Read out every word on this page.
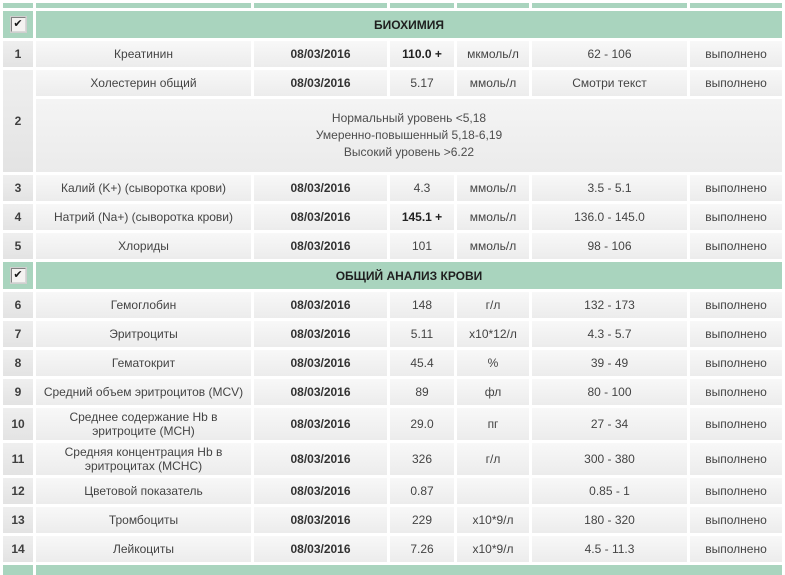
✔	БИОХИМИЯ					
1	Креатинин	08/03/2016	110.0 +	мкмоль/л	62 - 106	выполнено
2	Холестерин общий	08/03/2016	5.17	ммоль/л	Смотри текст	выполнено

	Нормальный уровень <5,18
Умеренно-повышенный 5,18-6,19
Высокий уровень >6.22					

3	Калий (K+) (сыворотка крови)	08/03/2016	4.3	ммоль/л	3.5 - 5.1	выполнено
4	Натрий (Na+) (сыворотка крови)	08/03/2016	145.1 +	ммоль/л	136.0 - 145.0	выполнено
5	Хлориды	08/03/2016	101	ммоль/л	98 - 106	выполнено
✔	ОБЩИЙ АНАЛИЗ КРОВИ					
6	Гемоглобин	08/03/2016	148	г/л	132 - 173	выполнено
7	Эритроциты	08/03/2016	5.11	х10*12/л	4.3 - 5.7	выполнено
8	Гематокрит	08/03/2016	45.4	%	39 - 49	выполнено
9	Средний объем эритроцитов (MCV)	08/03/2016	89	фл	80 - 100	выполнено
10	Среднее содержание Hb в эритроците (MCH)	08/03/2016	29.0	пг	27 - 34	выполнено
11	Средняя концентрация Hb в эритроцитах (MCHC)	08/03/2016	326	г/л	300 - 380	выполнено
12	Цветовой показатель	08/03/2016	0.87		0.85 - 1	выполнено
13	Тромбоциты	08/03/2016	229	х10*9/л	180 - 320	выполнено
14	Лейкоциты	08/03/2016	7.26	х10*9/л	4.5 - 11.3	выполнено
